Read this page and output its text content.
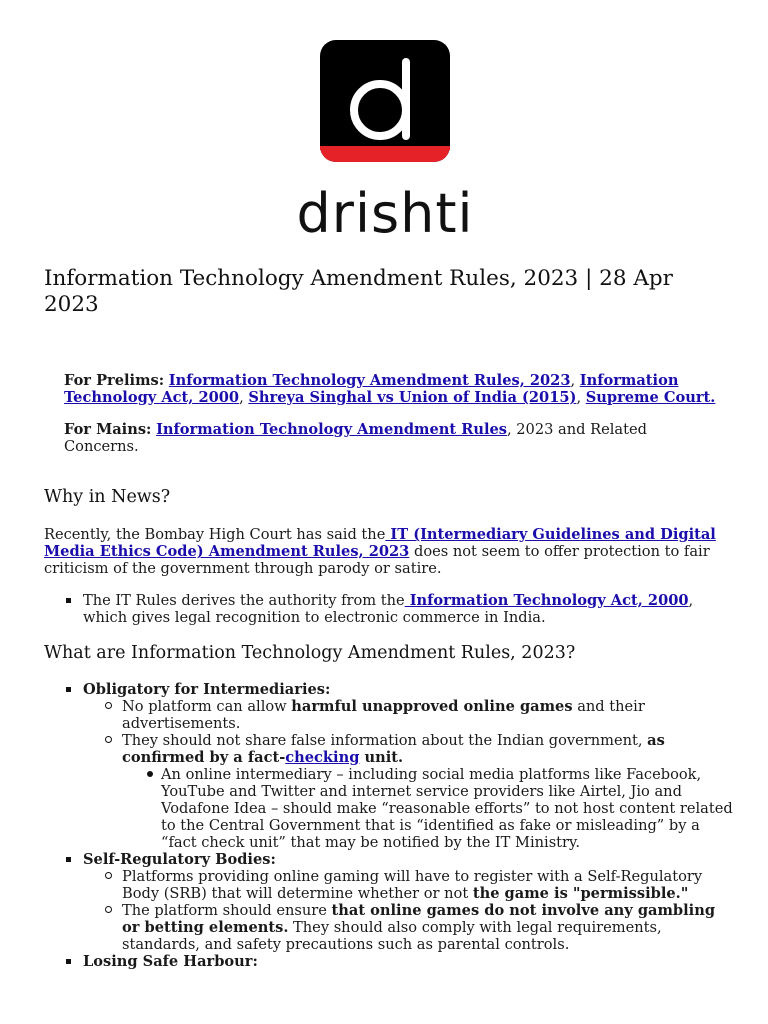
drishti
Information Technology Amendment Rules, 2023 | 28 Apr 2023

For Prelims: Information Technology Amendment Rules, 2023, Information Technology Act, 2000, Shreya Singhal vs Union of India (2015), Supreme Court.

For Mains: Information Technology Amendment Rules, 2023 and Related Concerns.

Why in News?

Recently, the Bombay High Court has said the IT (Intermediary Guidelines and Digital Media Ethics Code) Amendment Rules, 2023 does not seem to offer protection to fair criticism of the government through parody or satire.

The IT Rules derives the authority from the Information Technology Act, 2000, which gives legal recognition to electronic commerce in India.
What are Information Technology Amendment Rules, 2023?
Obligatory for Intermediaries:
No platform can allow harmful unapproved online games and their advertisements.
They should not share false information about the Indian government, as confirmed by a fact-checking unit.
An online intermediary – including social media platforms like Facebook, YouTube and Twitter and internet service providers like Airtel, Jio and Vodafone Idea – should make “reasonable efforts” to not host content related to the Central Government that is “identified as fake or misleading” by a “fact check unit” that may be notified by the IT Ministry.
Self-Regulatory Bodies:
Platforms providing online gaming will have to register with a Self-Regulatory Body (SRB) that will determine whether or not the game is "permissible."
The platform should ensure that online games do not involve any gambling or betting elements. They should also comply with legal requirements, standards, and safety precautions such as parental controls.
Losing Safe Harbour:
